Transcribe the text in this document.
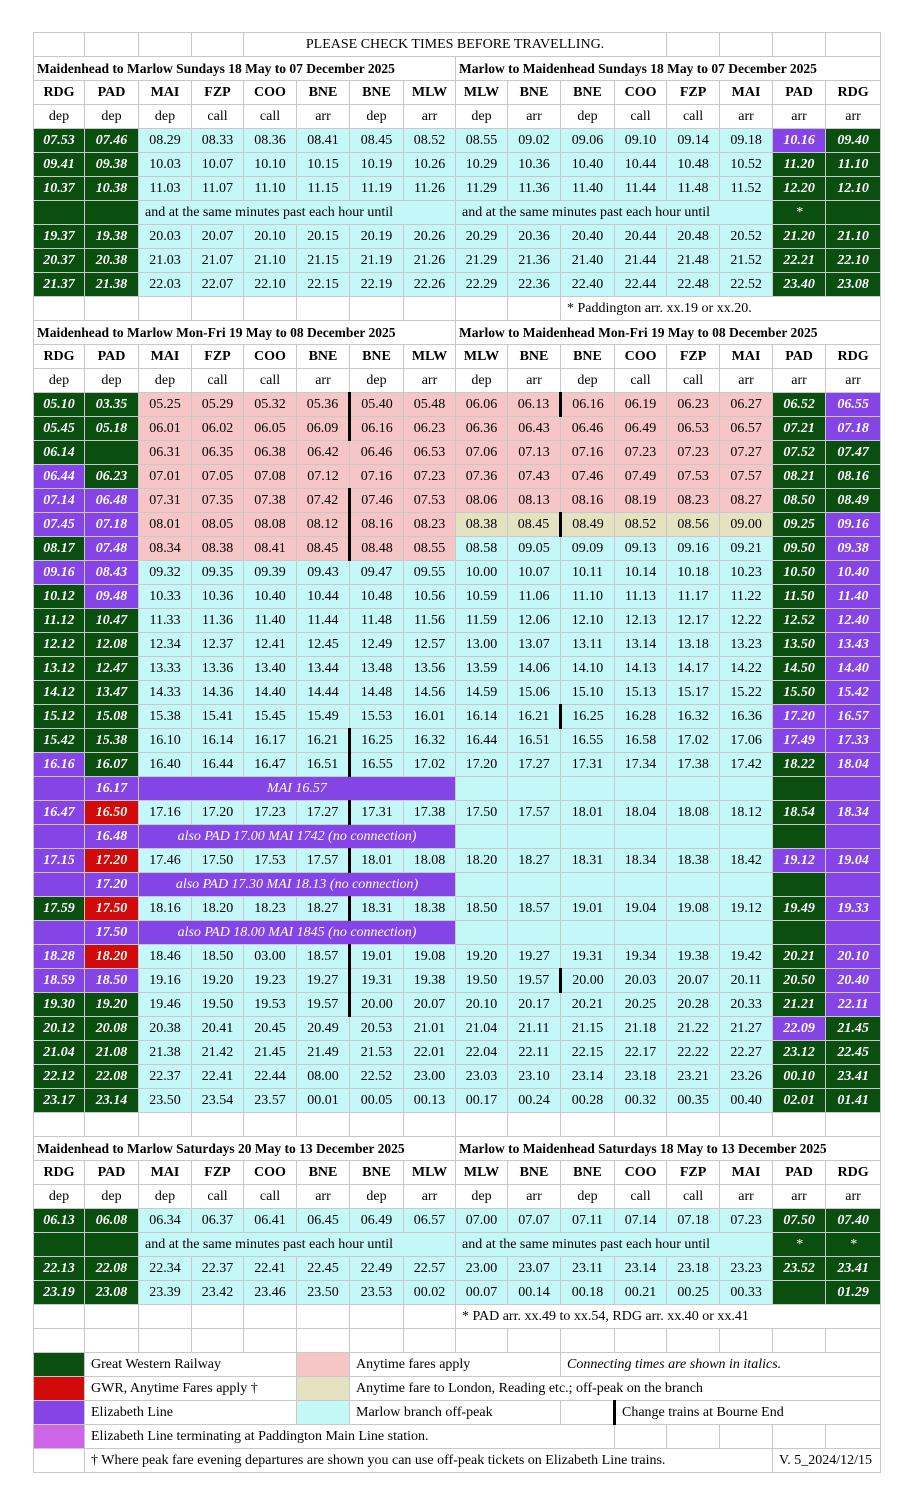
				PLEASE CHECK TIMES BEFORE TRAVELLING.											
Maidenhead to Marlow Sundays 18 May to 07 December 2025								Marlow to Maidenhead Sundays 18 May to 07 December 2025							
RDG	PAD	MAI	FZP	COO	BNE	BNE	MLW	MLW	BNE	BNE	COO	FZP	MAI	PAD	RDG
dep	dep	dep	call	call	arr	dep	arr	dep	arr	dep	call	call	arr	arr	arr
07.53	07.46	08.29	08.33	08.36	08.41	08.45	08.52	08.55	09.02	09.06	09.10	09.14	09.18	10.16	09.40
09.41	09.38	10.03	10.07	10.10	10.15	10.19	10.26	10.29	10.36	10.40	10.44	10.48	10.52	11.20	11.10
10.37	10.38	11.03	11.07	11.10	11.15	11.19	11.26	11.29	11.36	11.40	11.44	11.48	11.52	12.20	12.10
		and at the same minutes past each hour until						and at the same minutes past each hour until						*	
19.37	19.38	20.03	20.07	20.10	20.15	20.19	20.26	20.29	20.36	20.40	20.44	20.48	20.52	21.20	21.10
20.37	20.38	21.03	21.07	21.10	21.15	21.19	21.26	21.29	21.36	21.40	21.44	21.48	21.52	22.21	22.10
21.37	21.38	22.03	22.07	22.10	22.15	22.19	22.26	22.29	22.36	22.40	22.44	22.48	22.52	23.40	23.08
										* Paddington arr. xx.19 or xx.20.					
Maidenhead to Marlow Mon-Fri 19 May to 08 December 2025								Marlow to Maidenhead Mon-Fri 19 May to 08 December 2025							
RDG	PAD	MAI	FZP	COO	BNE	BNE	MLW	MLW	BNE	BNE	COO	FZP	MAI	PAD	RDG
dep	dep	dep	call	call	arr	dep	arr	dep	arr	dep	call	call	arr	arr	arr
05.10	03.35	05.25	05.29	05.32	05.36	05.40	05.48	06.06	06.13	06.16	06.19	06.23	06.27	06.52	06.55
05.45	05.18	06.01	06.02	06.05	06.09	06.16	06.23	06.36	06.43	06.46	06.49	06.53	06.57	07.21	07.18
06.14		06.31	06.35	06.38	06.42	06.46	06.53	07.06	07.13	07.16	07.23	07.23	07.27	07.52	07.47
06.44	06.23	07.01	07.05	07.08	07.12	07.16	07.23	07.36	07.43	07.46	07.49	07.53	07.57	08.21	08.16
07.14	06.48	07.31	07.35	07.38	07.42	07.46	07.53	08.06	08.13	08.16	08.19	08.23	08.27	08.50	08.49
07.45	07.18	08.01	08.05	08.08	08.12	08.16	08.23	08.38	08.45	08.49	08.52	08.56	09.00	09.25	09.16
08.17	07.48	08.34	08.38	08.41	08.45	08.48	08.55	08.58	09.05	09.09	09.13	09.16	09.21	09.50	09.38
09.16	08.43	09.32	09.35	09.39	09.43	09.47	09.55	10.00	10.07	10.11	10.14	10.18	10.23	10.50	10.40
10.12	09.48	10.33	10.36	10.40	10.44	10.48	10.56	10.59	11.06	11.10	11.13	11.17	11.22	11.50	11.40
11.12	10.47	11.33	11.36	11.40	11.44	11.48	11.56	11.59	12.06	12.10	12.13	12.17	12.22	12.52	12.40
12.12	12.08	12.34	12.37	12.41	12.45	12.49	12.57	13.00	13.07	13.11	13.14	13.18	13.23	13.50	13.43
13.12	12.47	13.33	13.36	13.40	13.44	13.48	13.56	13.59	14.06	14.10	14.13	14.17	14.22	14.50	14.40
14.12	13.47	14.33	14.36	14.40	14.44	14.48	14.56	14.59	15.06	15.10	15.13	15.17	15.22	15.50	15.42
15.12	15.08	15.38	15.41	15.45	15.49	15.53	16.01	16.14	16.21	16.25	16.28	16.32	16.36	17.20	16.57
15.42	15.38	16.10	16.14	16.17	16.21	16.25	16.32	16.44	16.51	16.55	16.58	17.02	17.06	17.49	17.33
16.16	16.07	16.40	16.44	16.47	16.51	16.55	17.02	17.20	17.27	17.31	17.34	17.38	17.42	18.22	18.04
	16.17	MAI 16.57													
16.47	16.50	17.16	17.20	17.23	17.27	17.31	17.38	17.50	17.57	18.01	18.04	18.08	18.12	18.54	18.34
	16.48	also PAD 17.00 MAI 1742 (no connection)													
17.15	17.20	17.46	17.50	17.53	17.57	18.01	18.08	18.20	18.27	18.31	18.34	18.38	18.42	19.12	19.04
	17.20	also PAD 17.30 MAI 18.13 (no connection)													
17.59	17.50	18.16	18.20	18.23	18.27	18.31	18.38	18.50	18.57	19.01	19.04	19.08	19.12	19.49	19.33
	17.50	also PAD 18.00 MAI 1845 (no connection)													
18.28	18.20	18.46	18.50	03.00	18.57	19.01	19.08	19.20	19.27	19.31	19.34	19.38	19.42	20.21	20.10
18.59	18.50	19.16	19.20	19.23	19.27	19.31	19.38	19.50	19.57	20.00	20.03	20.07	20.11	20.50	20.40
19.30	19.20	19.46	19.50	19.53	19.57	20.00	20.07	20.10	20.17	20.21	20.25	20.28	20.33	21.21	22.11
20.12	20.08	20.38	20.41	20.45	20.49	20.53	21.01	21.04	21.11	21.15	21.18	21.22	21.27	22.09	21.45
21.04	21.08	21.38	21.42	21.45	21.49	21.53	22.01	22.04	22.11	22.15	22.17	22.22	22.27	23.12	22.45
22.12	22.08	22.37	22.41	22.44	08.00	22.52	23.00	23.03	23.10	23.14	23.18	23.21	23.26	00.10	23.41
23.17	23.14	23.50	23.54	23.57	00.01	00.05	00.13	00.17	00.24	00.28	00.32	00.35	00.40	02.01	01.41

Maidenhead to Marlow Saturdays 20 May to 13 December 2025								Marlow to Maidenhead Saturdays 18 May to 13 December 2025							
RDG	PAD	MAI	FZP	COO	BNE	BNE	MLW	MLW	BNE	BNE	COO	FZP	MAI	PAD	RDG
dep	dep	dep	call	call	arr	dep	arr	dep	arr	dep	call	call	arr	arr	arr
06.13	06.08	06.34	06.37	06.41	06.45	06.49	06.57	07.00	07.07	07.11	07.14	07.18	07.23	07.50	07.40
		and at the same minutes past each hour until						and at the same minutes past each hour until						*	*
22.13	22.08	22.34	22.37	22.41	22.45	22.49	22.57	23.00	23.07	23.11	23.14	23.18	23.23	23.52	23.41
23.19	23.08	23.39	23.42	23.46	23.50	23.53	00.02	00.07	00.14	00.18	00.21	00.25	00.33		01.29
								* PAD arr. xx.49 to xx.54, RDG arr. xx.40 or xx.41							

	Great Western Railway					Anytime fares apply				Connecting times are shown in italics.					
	GWR, Anytime Fares apply †					Anytime fare to London, Reading etc.; off-peak on the branch									
	Elizabeth Line					Marlow branch off-peak					Change trains at Bourne End				
	Elizabeth Line terminating at Paddington Main Line station.														
	† Where peak fare evening departures are shown you can use off-peak tickets on Elizabeth Line trains.													V. 5_2024/12/15	
